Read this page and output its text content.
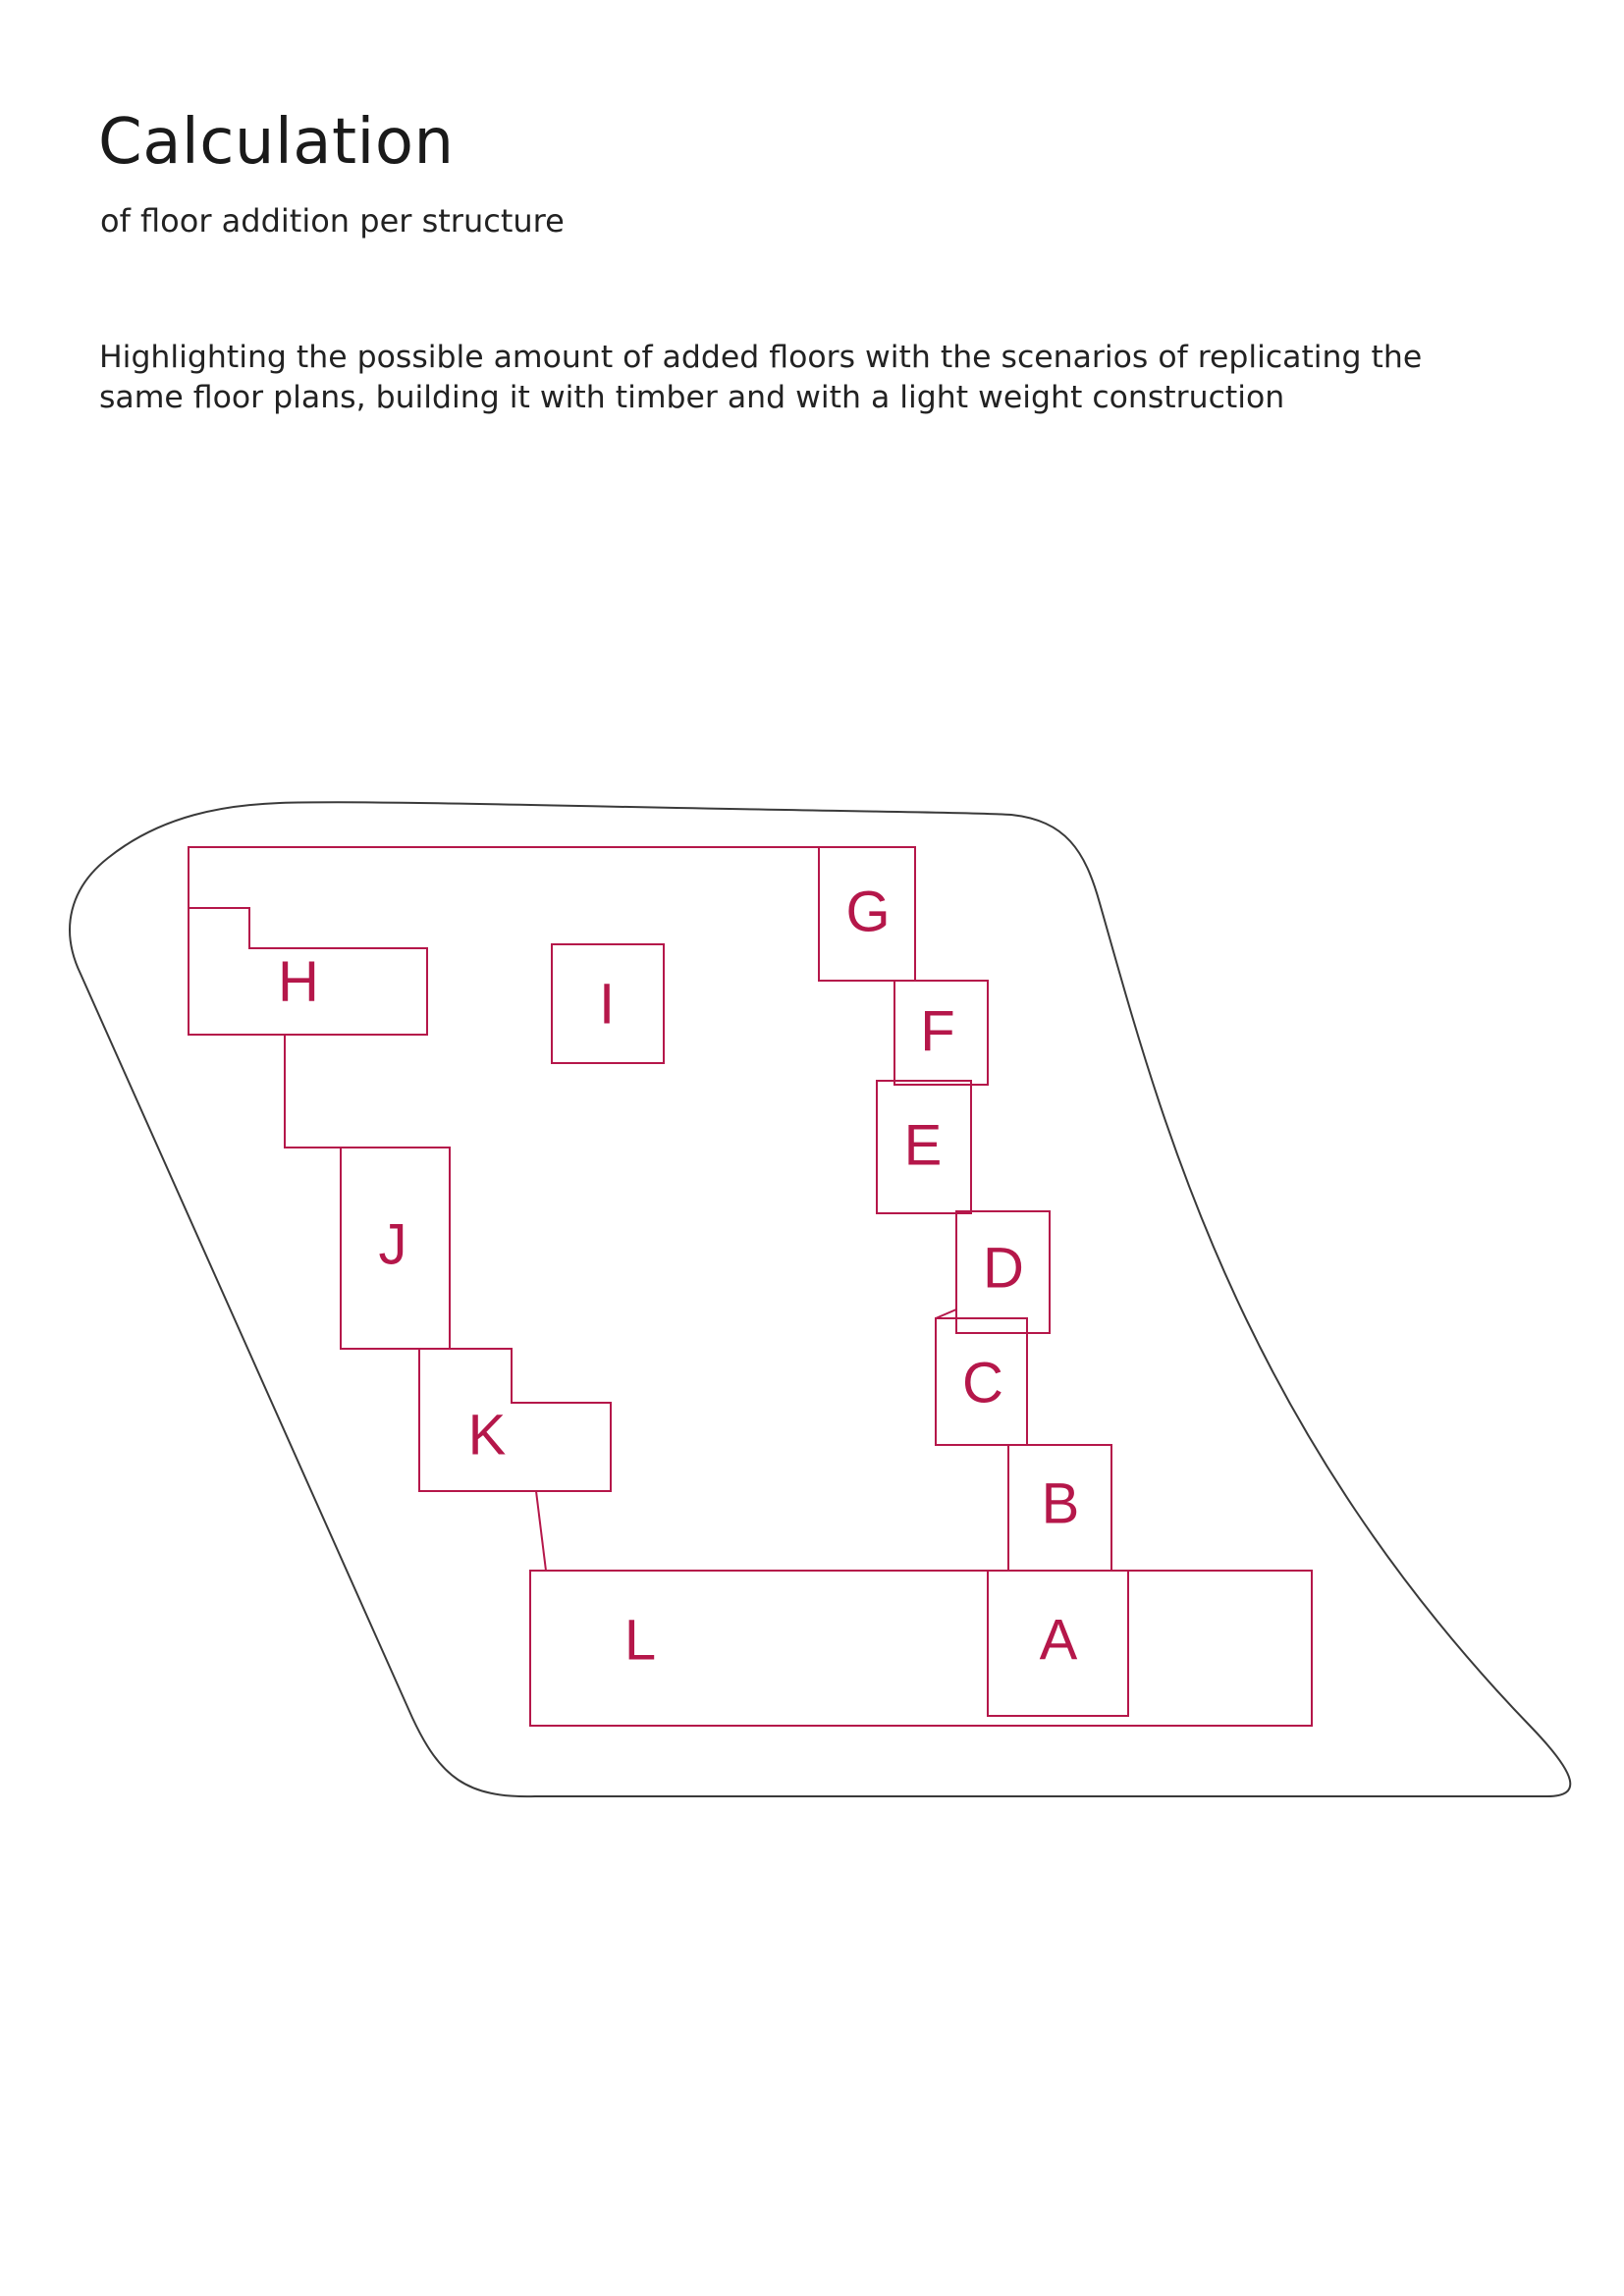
Calculation

of floor addition per structure

Highlighting the possible amount of added floors with the scenarios of replicating the
same floor plans, building it with timber and with a light weight construction
G
H	I	F
E
J	D
C
K
B
L	A
